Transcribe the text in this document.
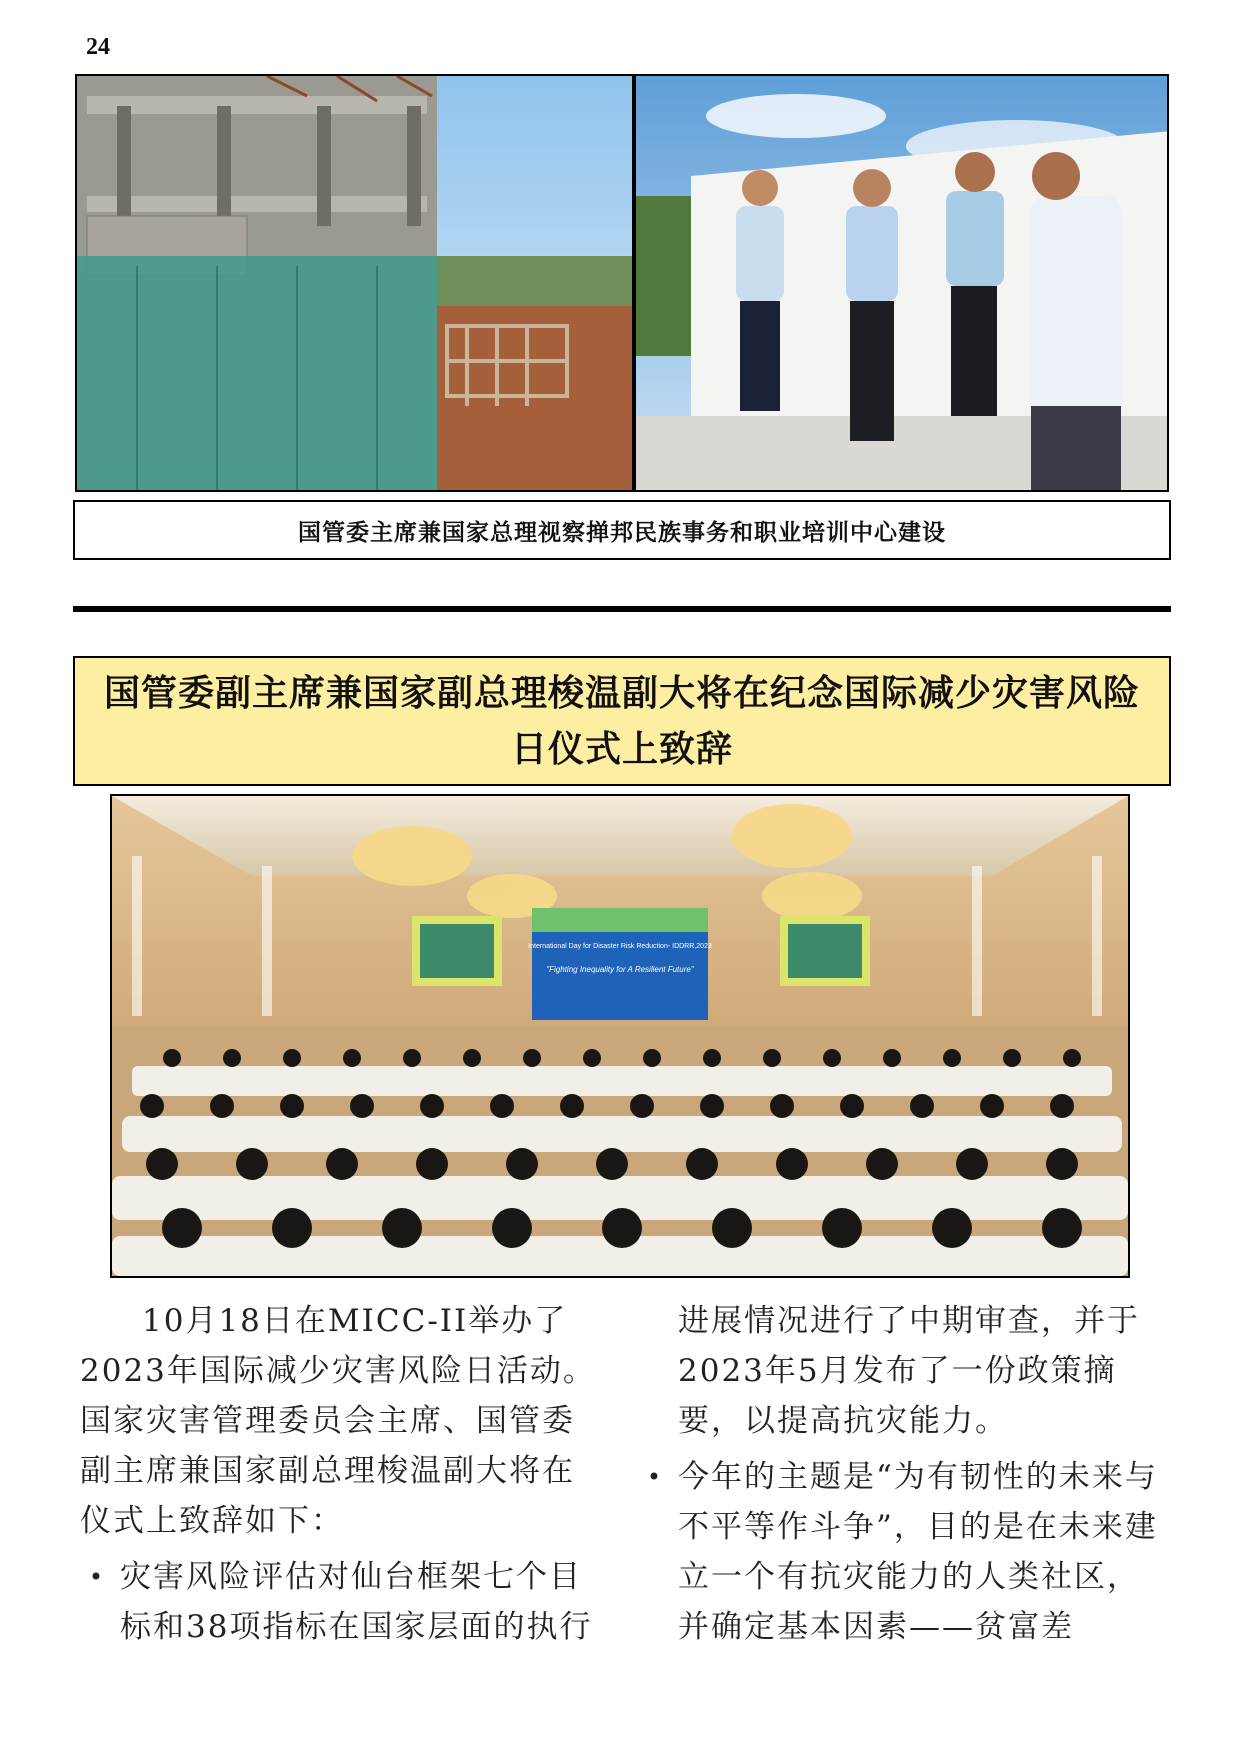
24
国管委主席兼国家总理视察掸邦民族事务和职业培训中心建设
国管委副主席兼国家副总理梭温副大将在纪念国际减少灾害风险
日仪式上致辞
International Day for Disaster Risk Reduction- IDDRR,2023
"Fighting Inequality for A Resilient Future"

10月18日在MICC-II举办了2023年国际减少灾害风险日活动。国家灾害管理委员会主席、国管委副主席兼国家副总理梭温副大将在仪式上致辞如下：

• 灾害风险评估对仙台框架七个目标和38项指标在国家层面的执行

进展情况进行了中期审查，并于2023年5月发布了一份政策摘要，以提高抗灾能力。

• 今年的主题是“为有韧性的未来与不平等作斗争”，目的是在未来建立一个有抗灾能力的人类社区，并确定基本因素——贫富差
